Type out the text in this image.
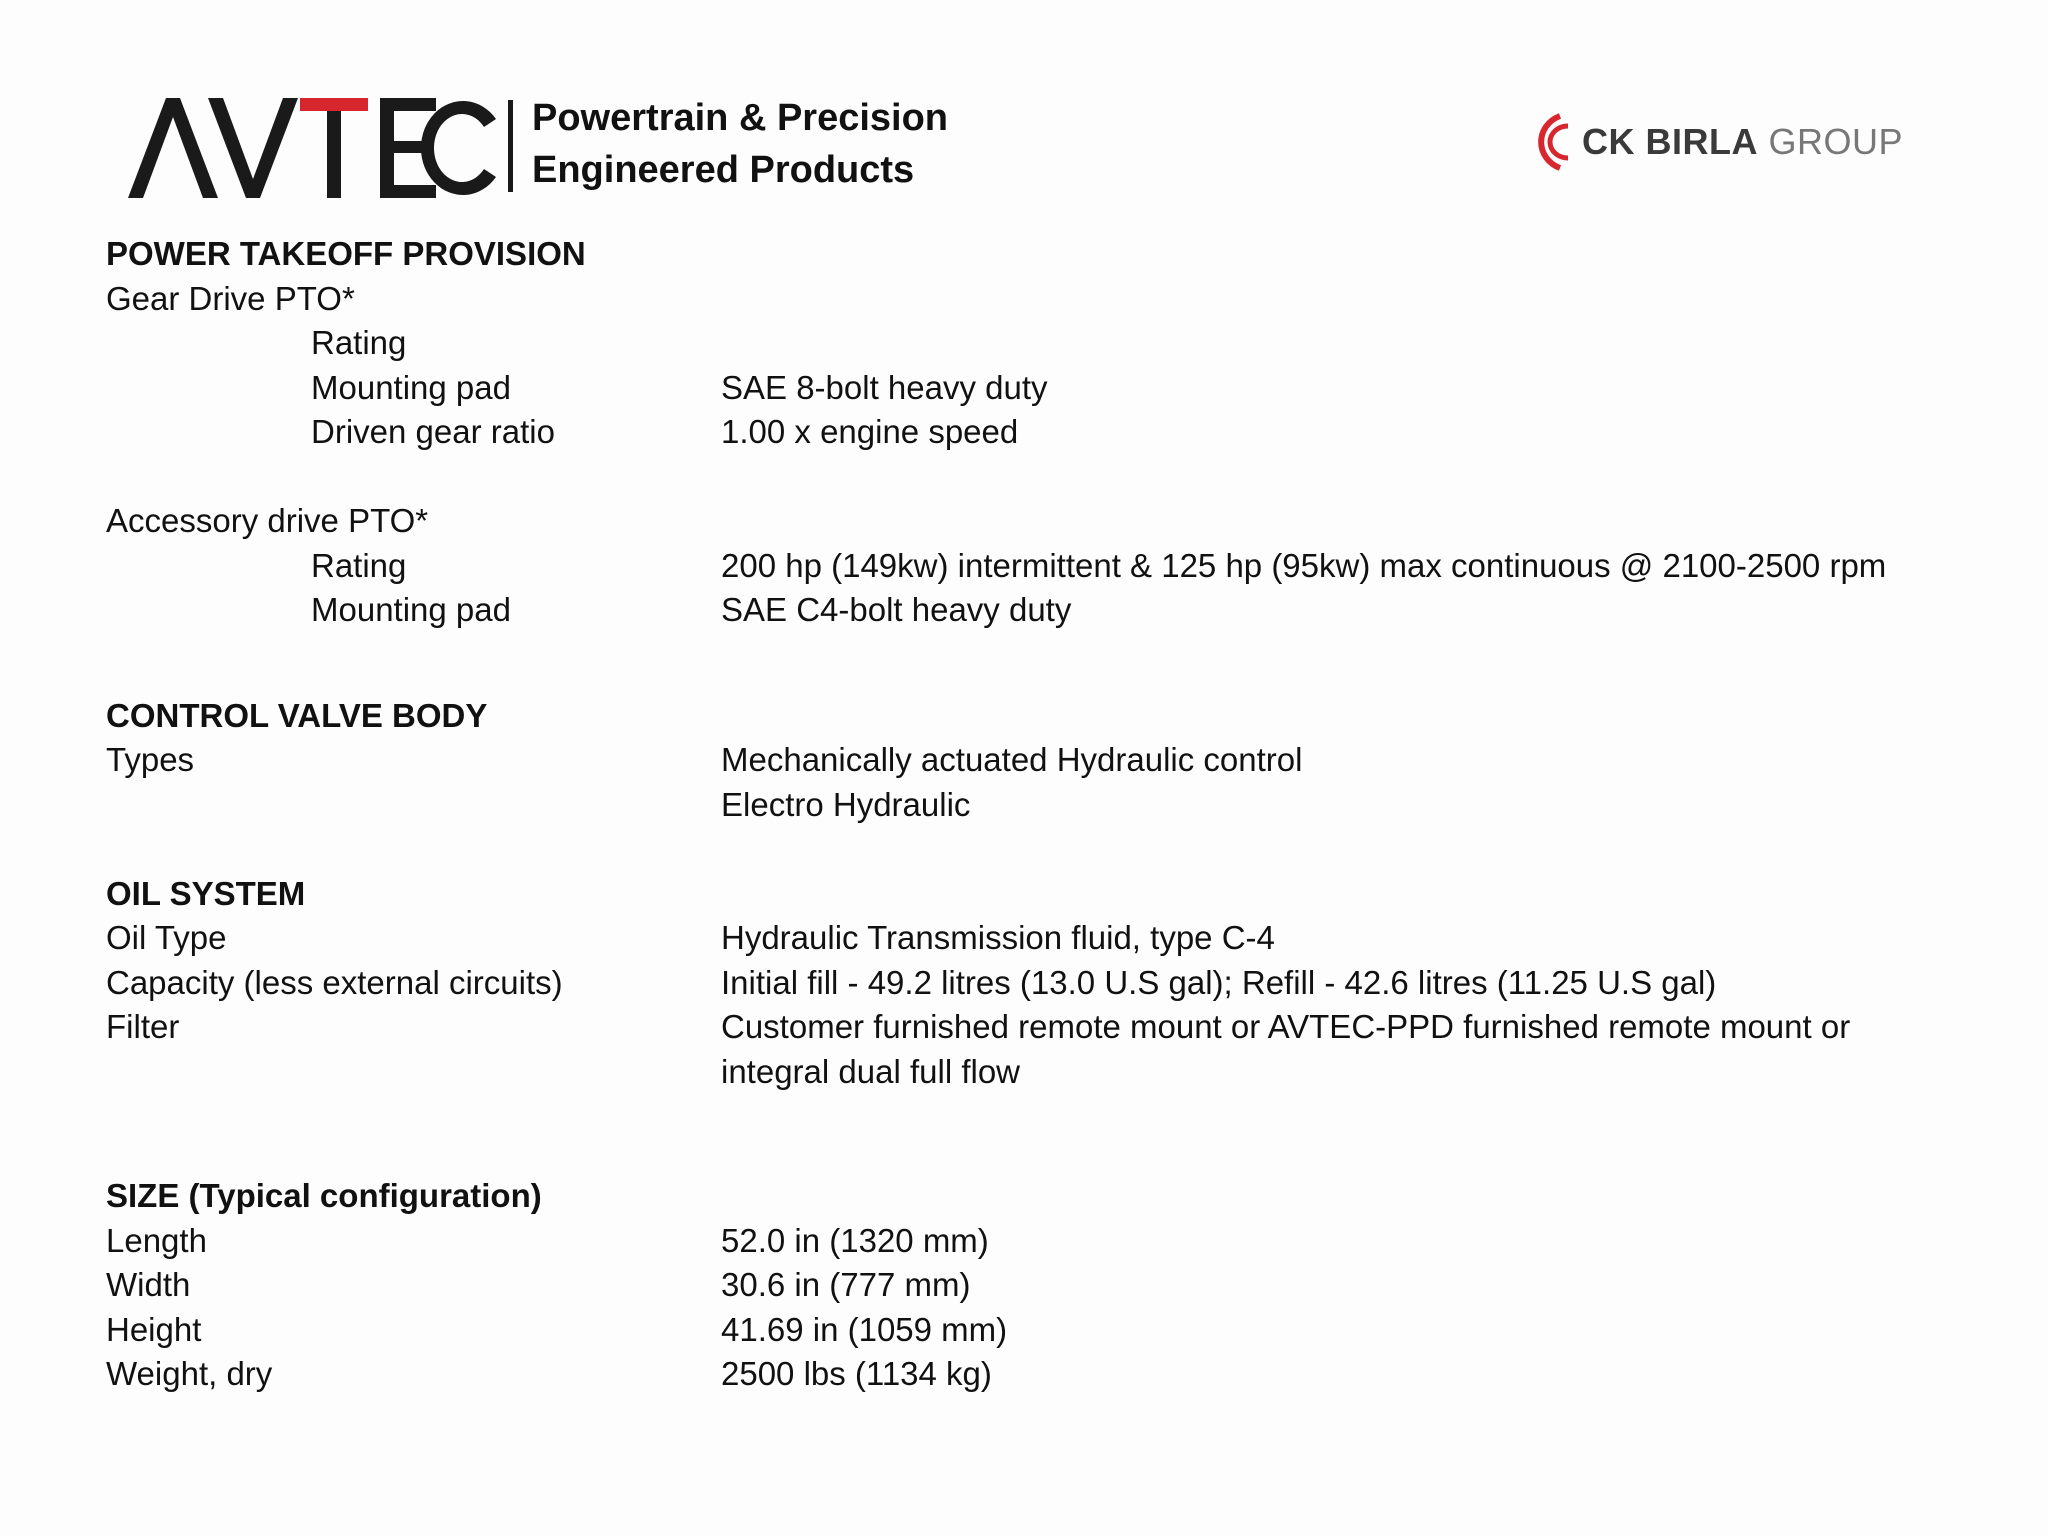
Powertrain & Precision
Engineered Products
CK BIRLA GROUP
POWER TAKEOFF PROVISION
Gear Drive PTO*
Rating
Mounting pad	SAE 8-bolt heavy duty
Driven gear ratio	1.00 x engine speed
Accessory drive PTO*
Rating	200 hp (149kw) intermittent & 125 hp (95kw) max continuous @ 2100-2500 rpm
Mounting pad	SAE C4-bolt heavy duty
CONTROL VALVE BODY
Types	Mechanically actuated Hydraulic control
Electro Hydraulic
OIL SYSTEM
Oil Type	Hydraulic Transmission fluid, type C-4
Capacity (less external circuits)	Initial fill - 49.2 litres (13.0 U.S gal); Refill - 42.6 litres (11.25 U.S gal)
Filter	Customer furnished remote mount or AVTEC-PPD furnished remote mount or
integral dual full flow
SIZE (Typical configuration)
Length	52.0 in (1320 mm)
Width	30.6 in (777 mm)
Height	41.69 in (1059 mm)
Weight, dry	2500 lbs (1134 kg)
